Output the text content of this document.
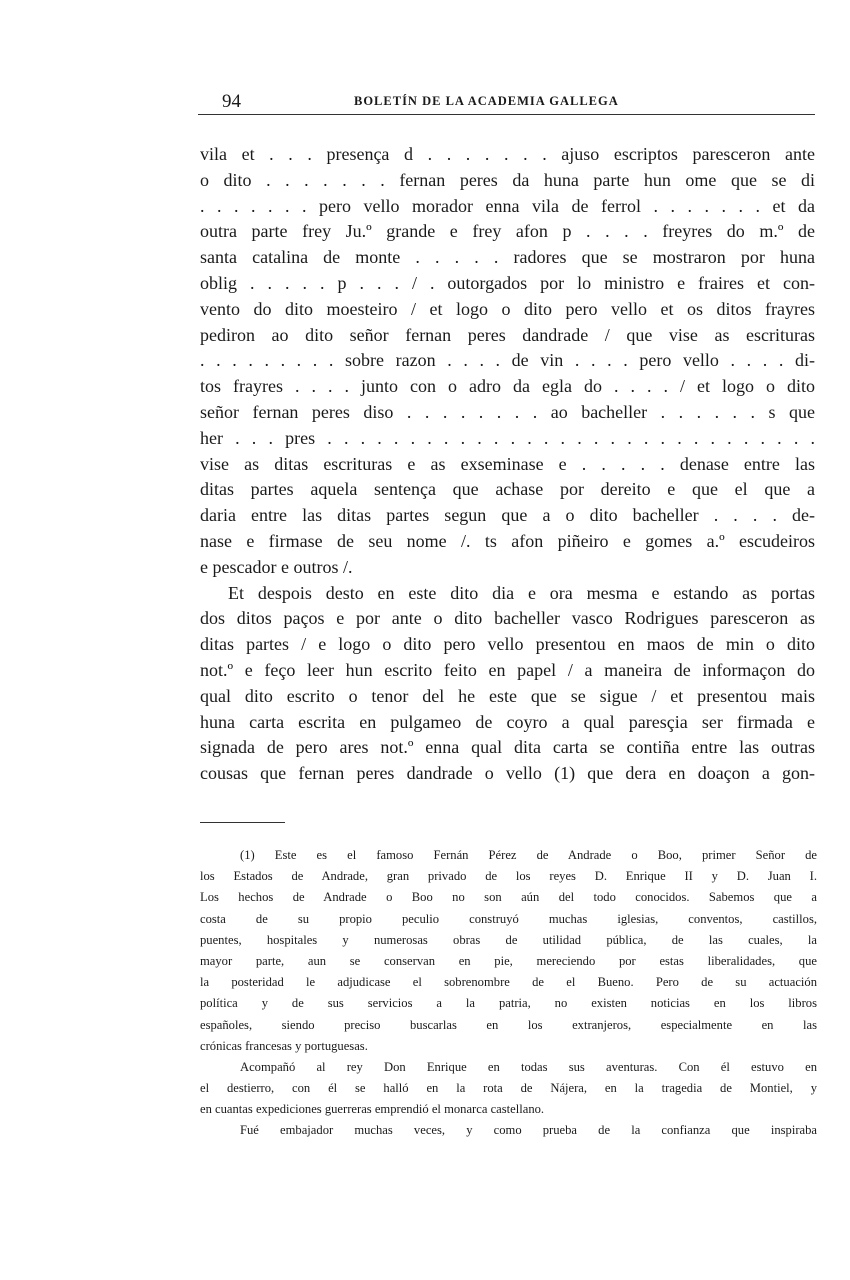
94	BOLETÍN DE LA ACADEMIA GALLEGA
vila et . . . presença d . . . . . . . ajuso escriptos paresceron ante
o dito . . . . . . . fernan peres da huna parte hun ome que se di
. . . . . . . pero vello morador enna vila de ferrol . . . . . . . et da
outra parte frey Ju.º grande e frey afon p . . . . freyres do m.º de
santa catalina de monte . . . . . radores que se mostraron por huna
oblig . . . . . p . . . / . outorgados por lo ministro e fraires et con-
vento do dito moesteiro / et logo o dito pero vello et os ditos frayres
pediron ao dito señor fernan peres dandrade / que vise as escrituras
. . . . . . . . . sobre razon . . . . de vin . . . . pero vello . . . . di-
tos frayres . . . . junto con o adro da egla do . . . . / et logo o dito
señor fernan peres diso . . . . . . . . ao bacheller . . . . . . s que
her . . . pres . . . . . . . . . . . . . . . . . . . . . . . . . . . . . .
vise as ditas escrituras e as exseminase e . . . . . denase entre las
ditas partes aquela sentença que achase por dereito e que el que a
daria entre las ditas partes segun que a o dito bacheller . . . . de-
nase e firmase de seu nome /. ts afon piñeiro e gomes a.º escudeiros
e pescador e outros /.
Et despois desto en este dito dia e ora mesma e estando as portas
dos ditos paços e por ante o dito bacheller vasco Rodrigues paresceron as
ditas partes / e logo o dito pero vello presentou en maos de min o dito
not.º e feço leer hun escrito feito en papel / a maneira de informaçon do
qual dito escrito o tenor del he este que se sigue / et presentou mais
huna carta escrita en pulgameo de coyro a qual paresçia ser firmada e
signada de pero ares not.º enna qual dita carta se contiña entre las outras
cousas que fernan peres dandrade o vello (1) que dera en doaçon a gon-
(1) Este es el famoso Fernán Pérez de Andrade o Boo, primer Señor de
los Estados de Andrade, gran privado de los reyes D. Enrique II y D. Juan I.
Los hechos de Andrade o Boo no son aún del todo conocidos. Sabemos que a
costa de su propio peculio construyó muchas iglesias, conventos, castillos,
puentes, hospitales y numerosas obras de utilidad pública, de las cuales, la
mayor parte, aun se conservan en pie, mereciendo por estas liberalidades, que
la posteridad le adjudicase el sobrenombre de el Bueno. Pero de su actuación
política y de sus servicios a la patria, no existen noticias en los libros
españoles, siendo preciso buscarlas en los extranjeros, especialmente en las
crónicas francesas y portuguesas.
Acompañó al rey Don Enrique en todas sus aventuras. Con él estuvo en
el destierro, con él se halló en la rota de Nájera, en la tragedia de Montiel, y
en cuantas expediciones guerreras emprendió el monarca castellano.
Fué embajador muchas veces, y como prueba de la confianza que inspiraba
